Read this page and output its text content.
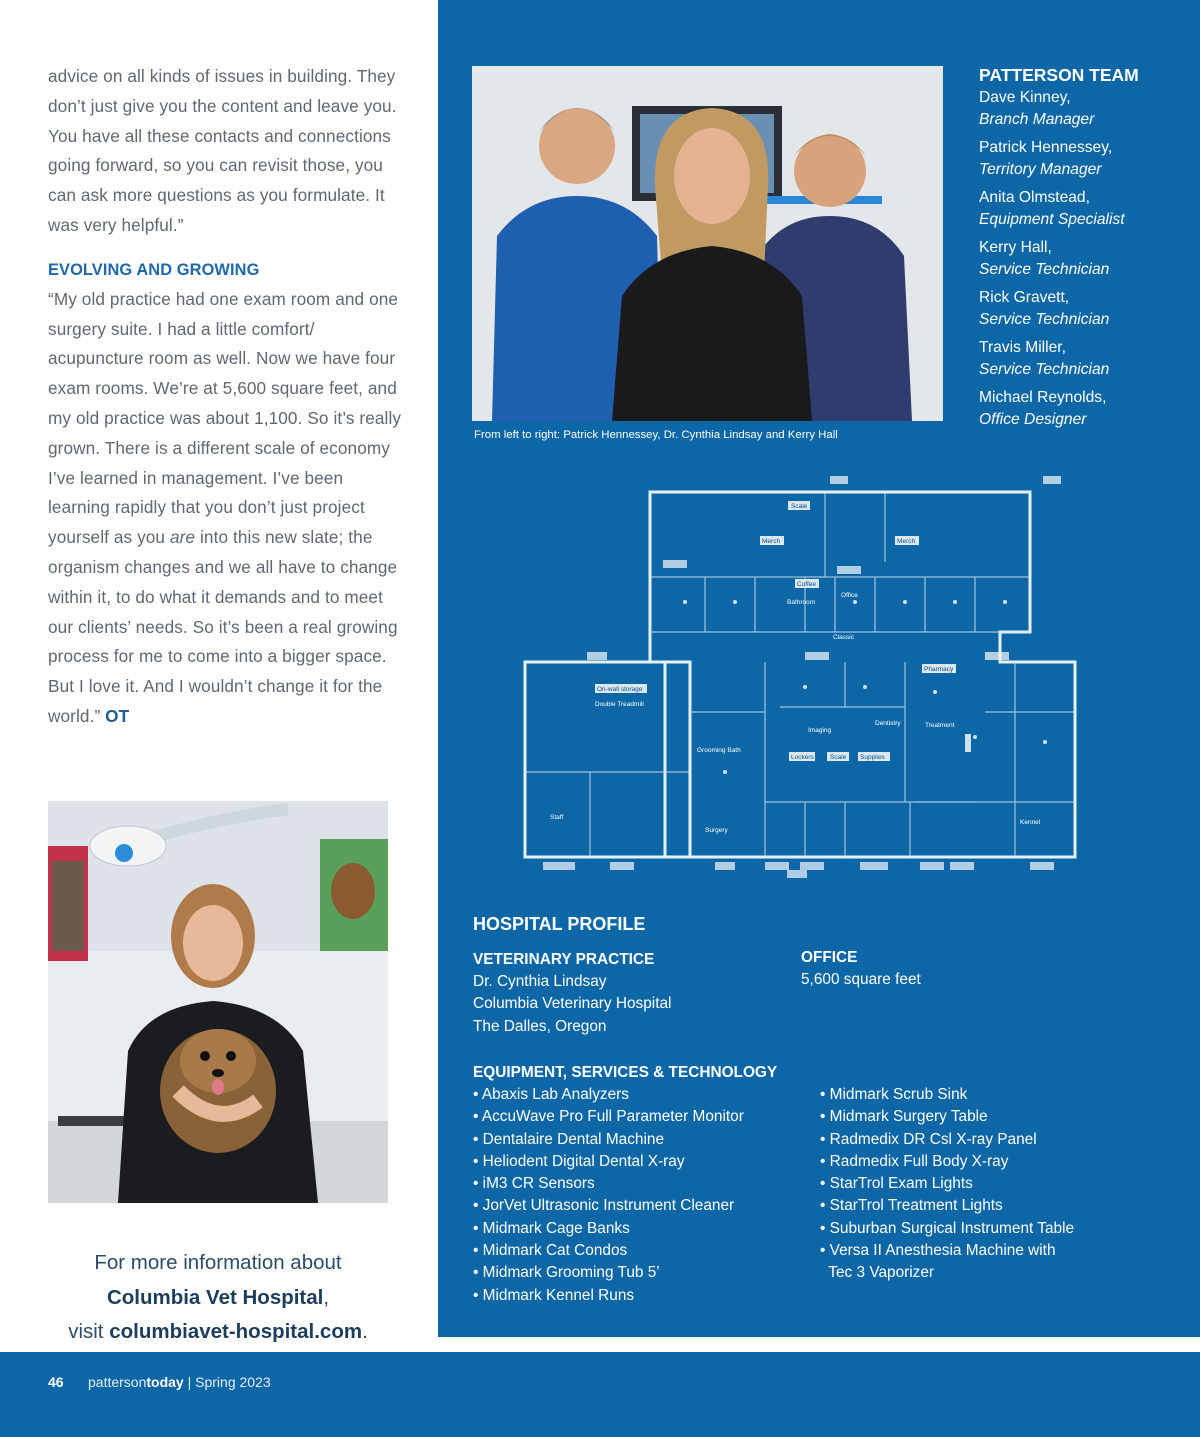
advice on all kinds of issues in building. They don’t just give you the content and leave you. You have all these contacts and connections going forward, so you can revisit those, you can ask more questions as you formulate. It was very helpful.”

EVOLVING AND GROWING

“My old practice had one exam room and one surgery suite. I had a little comfort/ acupuncture room as well. Now we have four exam rooms. We’re at 5,600 square feet, and my old practice was about 1,100. So it’s really grown. There is a different scale of economy I’ve learned in management. I’ve been learning rapidly that you don’t just project yourself as you are into this new slate; the organism changes and we all have to change within it, to do what it demands and to meet our clients’ needs. So it’s been a real growing process for me to come into a bigger space. But I love it. And I wouldn’t change it for the world.” OT

For more information about
Columbia Vet Hospital,
visit columbiavet-hospital.com.
From left to right: Patrick Hennessey, Dr. Cynthia Lindsay and Kerry Hall
PATTERSON TEAM
Dave Kinney,
Branch Manager
Patrick Hennessey,
Territory Manager
Anita Olmstead,
Equipment Specialist
Kerry Hall,
Service Technician
Rick Gravett,
Service Technician
Travis Miller,
Service Technician
Michael Reynolds,
Office Designer
Scale
Merch	Merch
Coffee
Bathroom
Office
Classic
Pharmacy
On-wall storage
Double Treadmill
Lockers Scale Supplies
Imaging
Treatment
Surgery
Dentistry
Grooming Bath
Kennel
Staff
HOSPITAL PROFILE
VETERINARY PRACTICE
Dr. Cynthia Lindsay
Columbia Veterinary Hospital
The Dalles, Oregon
OFFICE
5,600 square feet
EQUIPMENT, SERVICES & TECHNOLOGY
• Abaxis Lab Analyzers
• AccuWave Pro Full Parameter Monitor
• Dentalaire Dental Machine
• Heliodent Digital Dental X-ray
• iM3 CR Sensors
• JorVet Ultrasonic Instrument Cleaner
• Midmark Cage Banks
• Midmark Cat Condos
• Midmark Grooming Tub 5’
• Midmark Kennel Runs
• Midmark Scrub Sink
• Midmark Surgery Table
• Radmedix DR Csl X-ray Panel
• Radmedix Full Body X-ray
• StarTrol Exam Lights
• StarTrol Treatment Lights
• Suburban Surgical Instrument Table
• Versa II Anesthesia Machine with
Tec 3 Vaporizer
46 pattersontoday | Spring 2023
